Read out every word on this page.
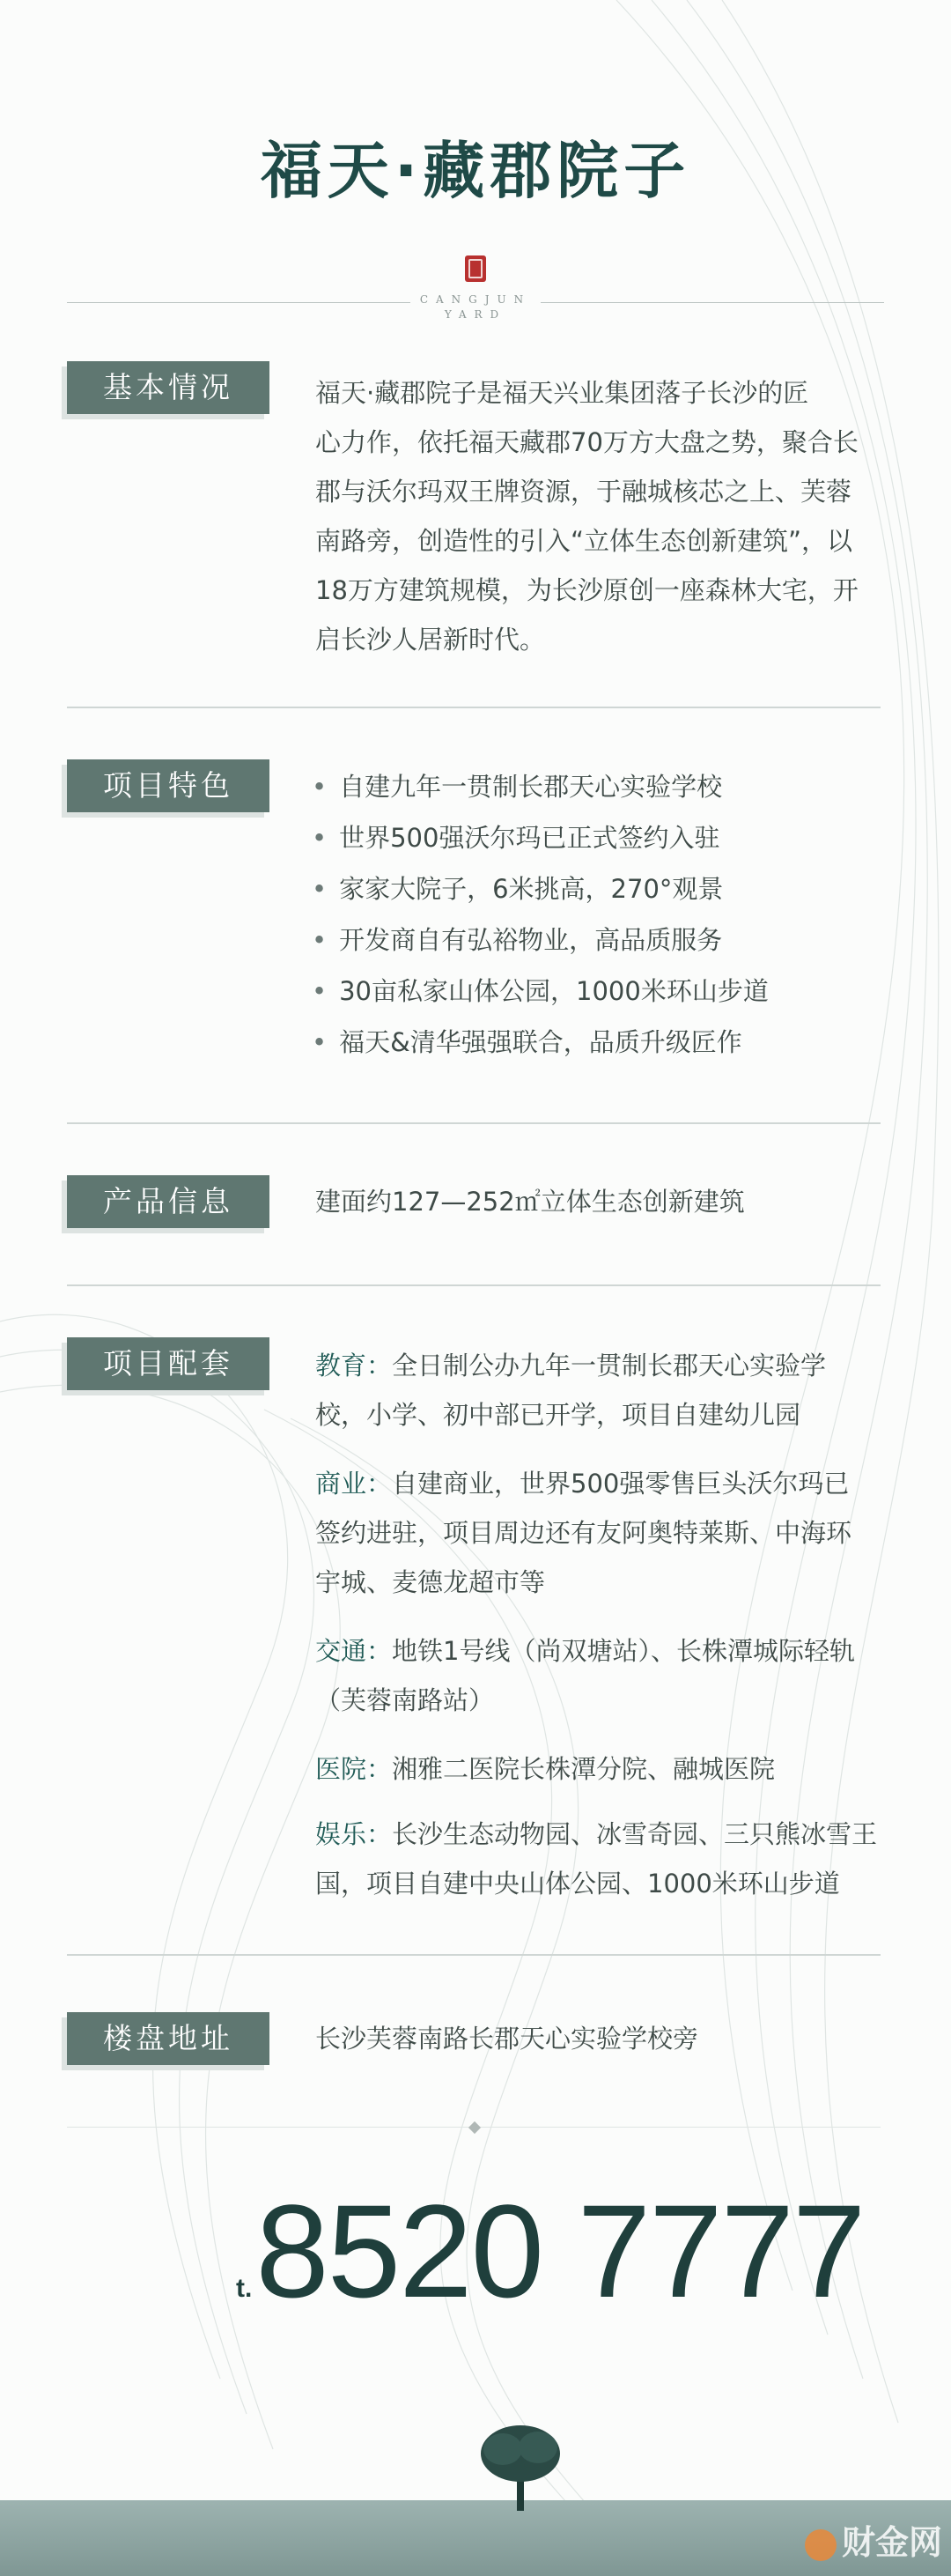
福天·藏郡院子
CANGJUN
YARD
基本情况	福天·藏郡院子是福天兴业集团落子长沙的匠
心力作，依托福天藏郡70万方大盘之势，聚合长
郡与沃尔玛双王牌资源，于融城核芯之上、芙蓉
南路旁，创造性的引入“立体生态创新建筑”，以
18万方建筑规模，为长沙原创一座森林大宅，开
启长沙人居新时代。
项目特色	• 自建九年一贯制长郡天心实验学校
• 世界500强沃尔玛已正式签约入驻
• 家家大院子，6米挑高，270°观景
• 开发商自有弘裕物业，高品质服务
• 30亩私家山体公园，1000米环山步道
• 福天&清华强强联合，品质升级匠作
产品信息	建面约127—252㎡立体生态创新建筑
项目配套	教育：全日制公办九年一贯制长郡天心实验学
校，小学、初中部已开学，项目自建幼儿园
商业：自建商业，世界500强零售巨头沃尔玛已
签约进驻，项目周边还有友阿奥特莱斯、中海环
宇城、麦德龙超市等
交通：地铁1号线（尚双塘站）、长株潭城际轻轨
（芙蓉南路站）
医院：湘雅二医院长株潭分院、融城医院
娱乐：长沙生态动物园、冰雪奇园、三只熊冰雪王
国，项目自建中央山体公园、1000米环山步道
楼盘地址	长沙芙蓉南路长郡天心实验学校旁
t.8520 7777
财金网
